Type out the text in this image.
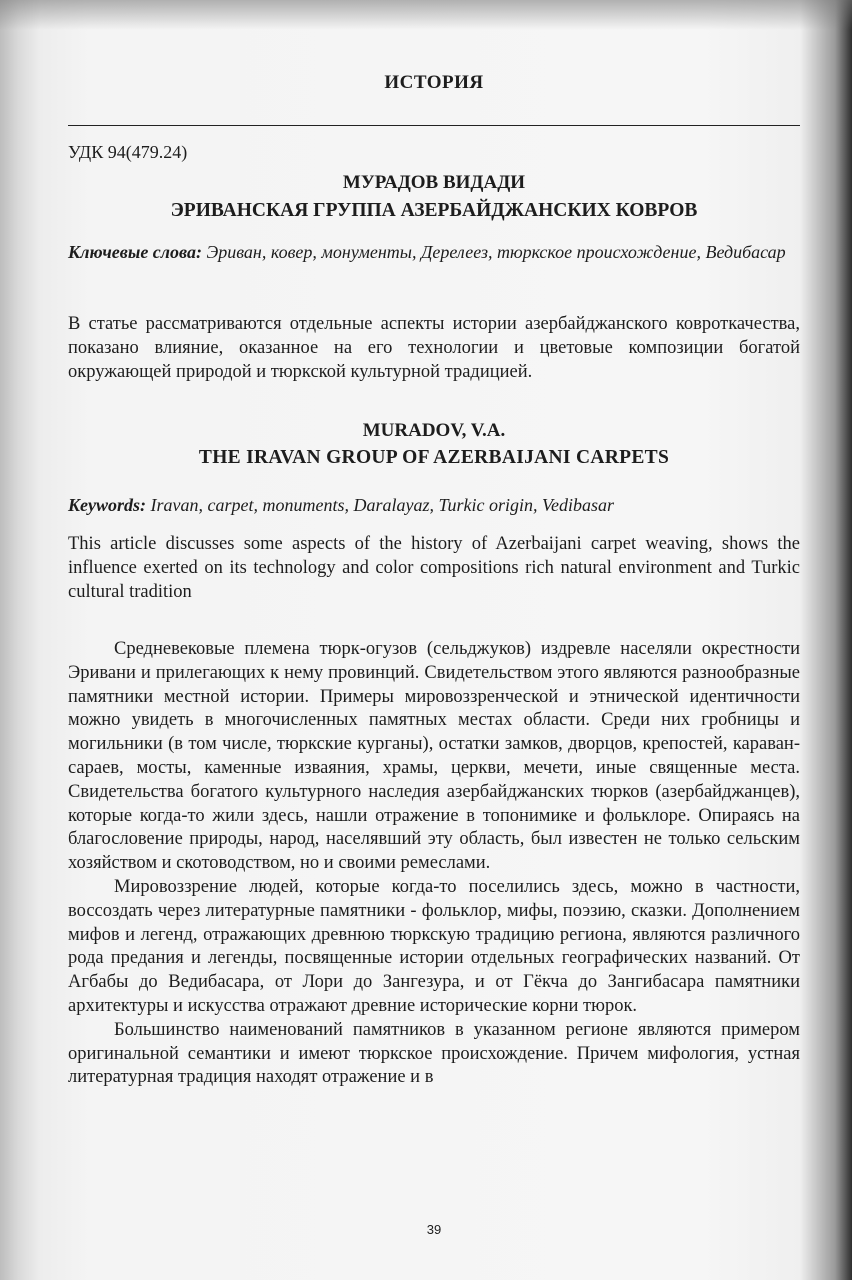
ИСТОРИЯ
УДК 94(479.24)
МУРАДОВ ВИДАДИ
ЭРИВАНСКАЯ ГРУППА АЗЕРБАЙДЖАНСКИХ КОВРОВ
Ключевые слова: Эриван, ковер, монументы, Дерелеез, тюркское происхождение, Ведибасар
В статье рассматриваются отдельные аспекты истории азербайджанского ковроткачества, показано влияние, оказанное на его технологии и цветовые композиции богатой окружающей природой и тюркской культурной традицией.
MURADOV, V.A.
THE IRAVAN GROUP OF AZERBAIJANI CARPETS
Keywords: Iravan, carpet, monuments, Daralayaz, Turkic origin, Vedibasar
This article discusses some aspects of the history of Azerbaijani carpet weaving, shows the influence exerted on its technology and color compositions rich natural environment and Turkic cultural tradition

Средневековые племена тюрк-огузов (сельджуков) издревле населяли окрестности Эривани и прилегающих к нему провинций. Свидетельством этого являются разнообразные памятники местной истории. Примеры мировоззренческой и этнической идентичности можно увидеть в многочисленных памятных местах области. Среди них гробницы и могильники (в том числе, тюркские курганы), остатки замков, дворцов, крепостей, караван-сараев, мосты, каменные изваяния, храмы, церкви, мечети, иные священные места. Свидетельства богатого культурного наследия азербайджанских тюрков (азербайджанцев), которые когда-то жили здесь, нашли отражение в топонимике и фольклоре. Опираясь на благословение природы, народ, населявший эту область, был известен не только сельским хозяйством и скотоводством, но и своими ремеслами.

Мировоззрение людей, которые когда-то поселились здесь, можно в частности, воссоздать через литературные памятники - фольклор, мифы, поэзию, сказки. Дополнением мифов и легенд, отражающих древнюю тюркскую традицию региона, являются различного рода предания и легенды, посвященные истории отдельных географических названий. От Агбабы до Ведибасара, от Лори до Зангезура, и от Гёкча до Зангибасара памятники архитектуры и искусства отражают древние исторические корни тюрок.

Большинство наименований памятников в указанном регионе являются примером оригинальной семантики и имеют тюркское происхождение. Причем мифология, устная литературная традиция находят отражение и в

39
